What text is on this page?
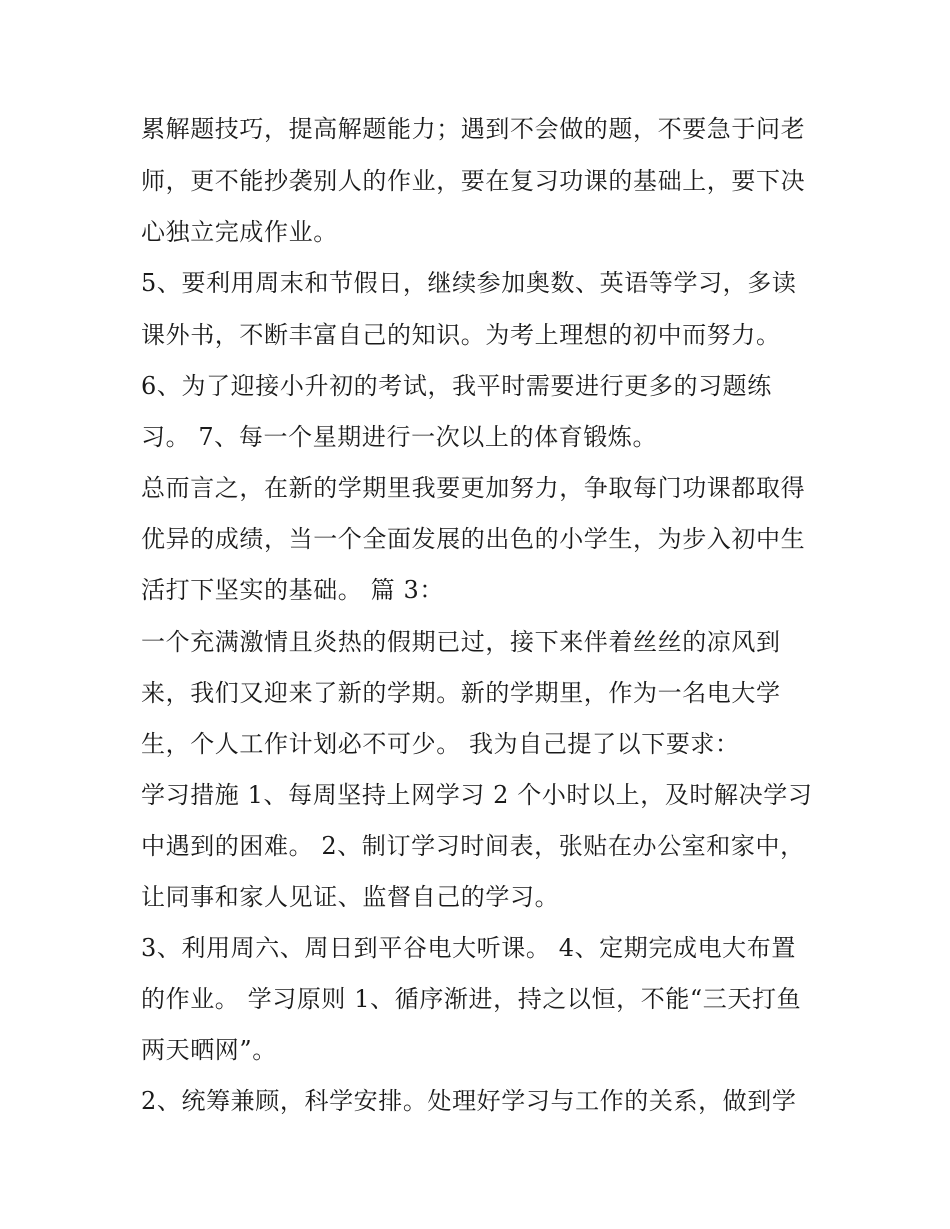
累解题技巧，提高解题能力；遇到不会做的题，不要急于问老
师，更不能抄袭别人的作业，要在复习功课的基础上，要下决
心独立完成作业。
5、要利用周末和节假日，继续参加奥数、英语等学习，多读
课外书，不断丰富自己的知识。为考上理想的初中而努力。
6、为了迎接小升初的考试，我平时需要进行更多的习题练
习。 7、每一个星期进行一次以上的体育锻炼。
总而言之，在新的学期里我要更加努力，争取每门功课都取得
优异的成绩，当一个全面发展的出色的小学生，为步入初中生
活打下坚实的基础。 篇 3：
一个充满激情且炎热的假期已过，接下来伴着丝丝的凉风到
来，我们又迎来了新的学期。新的学期里，作为一名电大学
生，个人工作计划必不可少。 我为自己提了以下要求：
学习措施 1、每周坚持上网学习 2 个小时以上，及时解决学习
中遇到的困难。 2、制订学习时间表，张贴在办公室和家中，
让同事和家人见证、监督自己的学习。
3、利用周六、周日到平谷电大听课。 4、定期完成电大布置
的作业。 学习原则 1、循序渐进，持之以恒，不能“三天打鱼
两天晒网”。
2、统筹兼顾，科学安排。处理好学习与工作的关系，做到学
